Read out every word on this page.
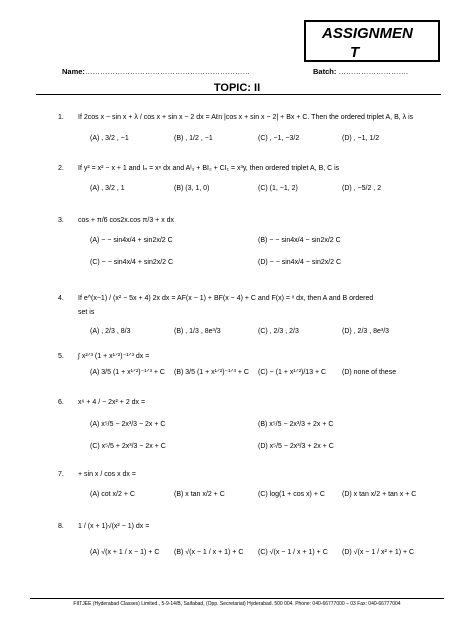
ASSIGNMEN
T
Name:…………………………………………………………	Batch: ……………………….
TOPIC: II
1. If 2cos x − sin x + λ / cos x + sin x − 2 dx = Aℓn |cos x + sin x − 2| + Bx + C. Then the ordered triplet A, B, λ is
(A) , 3/2 , −1	(B) , 1/2 , −1	(C) , −1, −3/2	(D) , −1, 1/2
2. If y² = x² − x + 1 and Iₙ = xⁿ dx and Aᴵ₃ + BI₂ + CI₁ = x³y, then ordered triplet A, B, C is
(A) , 3/2 , 1	(B) (3, 1, 0)	(C) (1, −1, 2)	(D) , −5/2 , 2
3. cos + π/6 cos2x.cos π/3 + x dx
(A) − − sin4x/4 + sin2x/2 C	(B) − − sin4x/4 − sin2x/2 C
(C) − − sin4x/4 + sin2x/2 C	(D) − − sin4x/4 − sin2x/2 C
4. If e^(x−1) / (x² − 5x + 4) 2x dx = AF(x − 1) + BF(x − 4) + C and F(x) = ˣ dx, then A and B ordered
set is
(A) , 2/3 , 8/3	(B) , 1/3 , 8e³/3	(C) , 2/3 , 2/3	(D) , 2/3 , 8e³/3
5. ∫ x²ᐟ³ (1 + x¹ᐟ²)⁻¹ᐟ³ dx =
(A) 3/5 (1 + x¹ᐟ²)⁻¹ᐟ³ + C (B) 3/5 (1 + x¹ᐟ²)⁻¹ᐟ³ + C (C) − (1 + x¹ᐟ²)/13 + C (D) none of these
6. x⁶ + 4 / − 2x² + 2 dx =
(A) x⁵/5 − 2x³/3 − 2x + C	(B) x⁵/5 − 2x³/3 + 2x + C
(C) x⁵/5 + 2x³/3 − 2x + C	(D) x⁵/5 − 2x³/3 + 2x + C
7. + sin x / cos x dx =
(A) cot x/2 + C	(B) x tan x/2 + C	(C) log(1 + cos x) + C (D) x tan x/2 + tan x + C
8. 1 / (x + 1)√(x² − 1) dx =
(A) √(x + 1 / x − 1) + C (B) √(x − 1 / x + 1) + C (C) √(x − 1 / x + 1) + C (D) √(x − 1 / x² + 1) + C
FIITJEE (Hyderabad Classes) Limited., 5-9-14/B, Saifabad, (Opp. Secretariat) Hyderabad. 500 004. Phone: 040-66777000 – 03 Fax: 040-66777004
